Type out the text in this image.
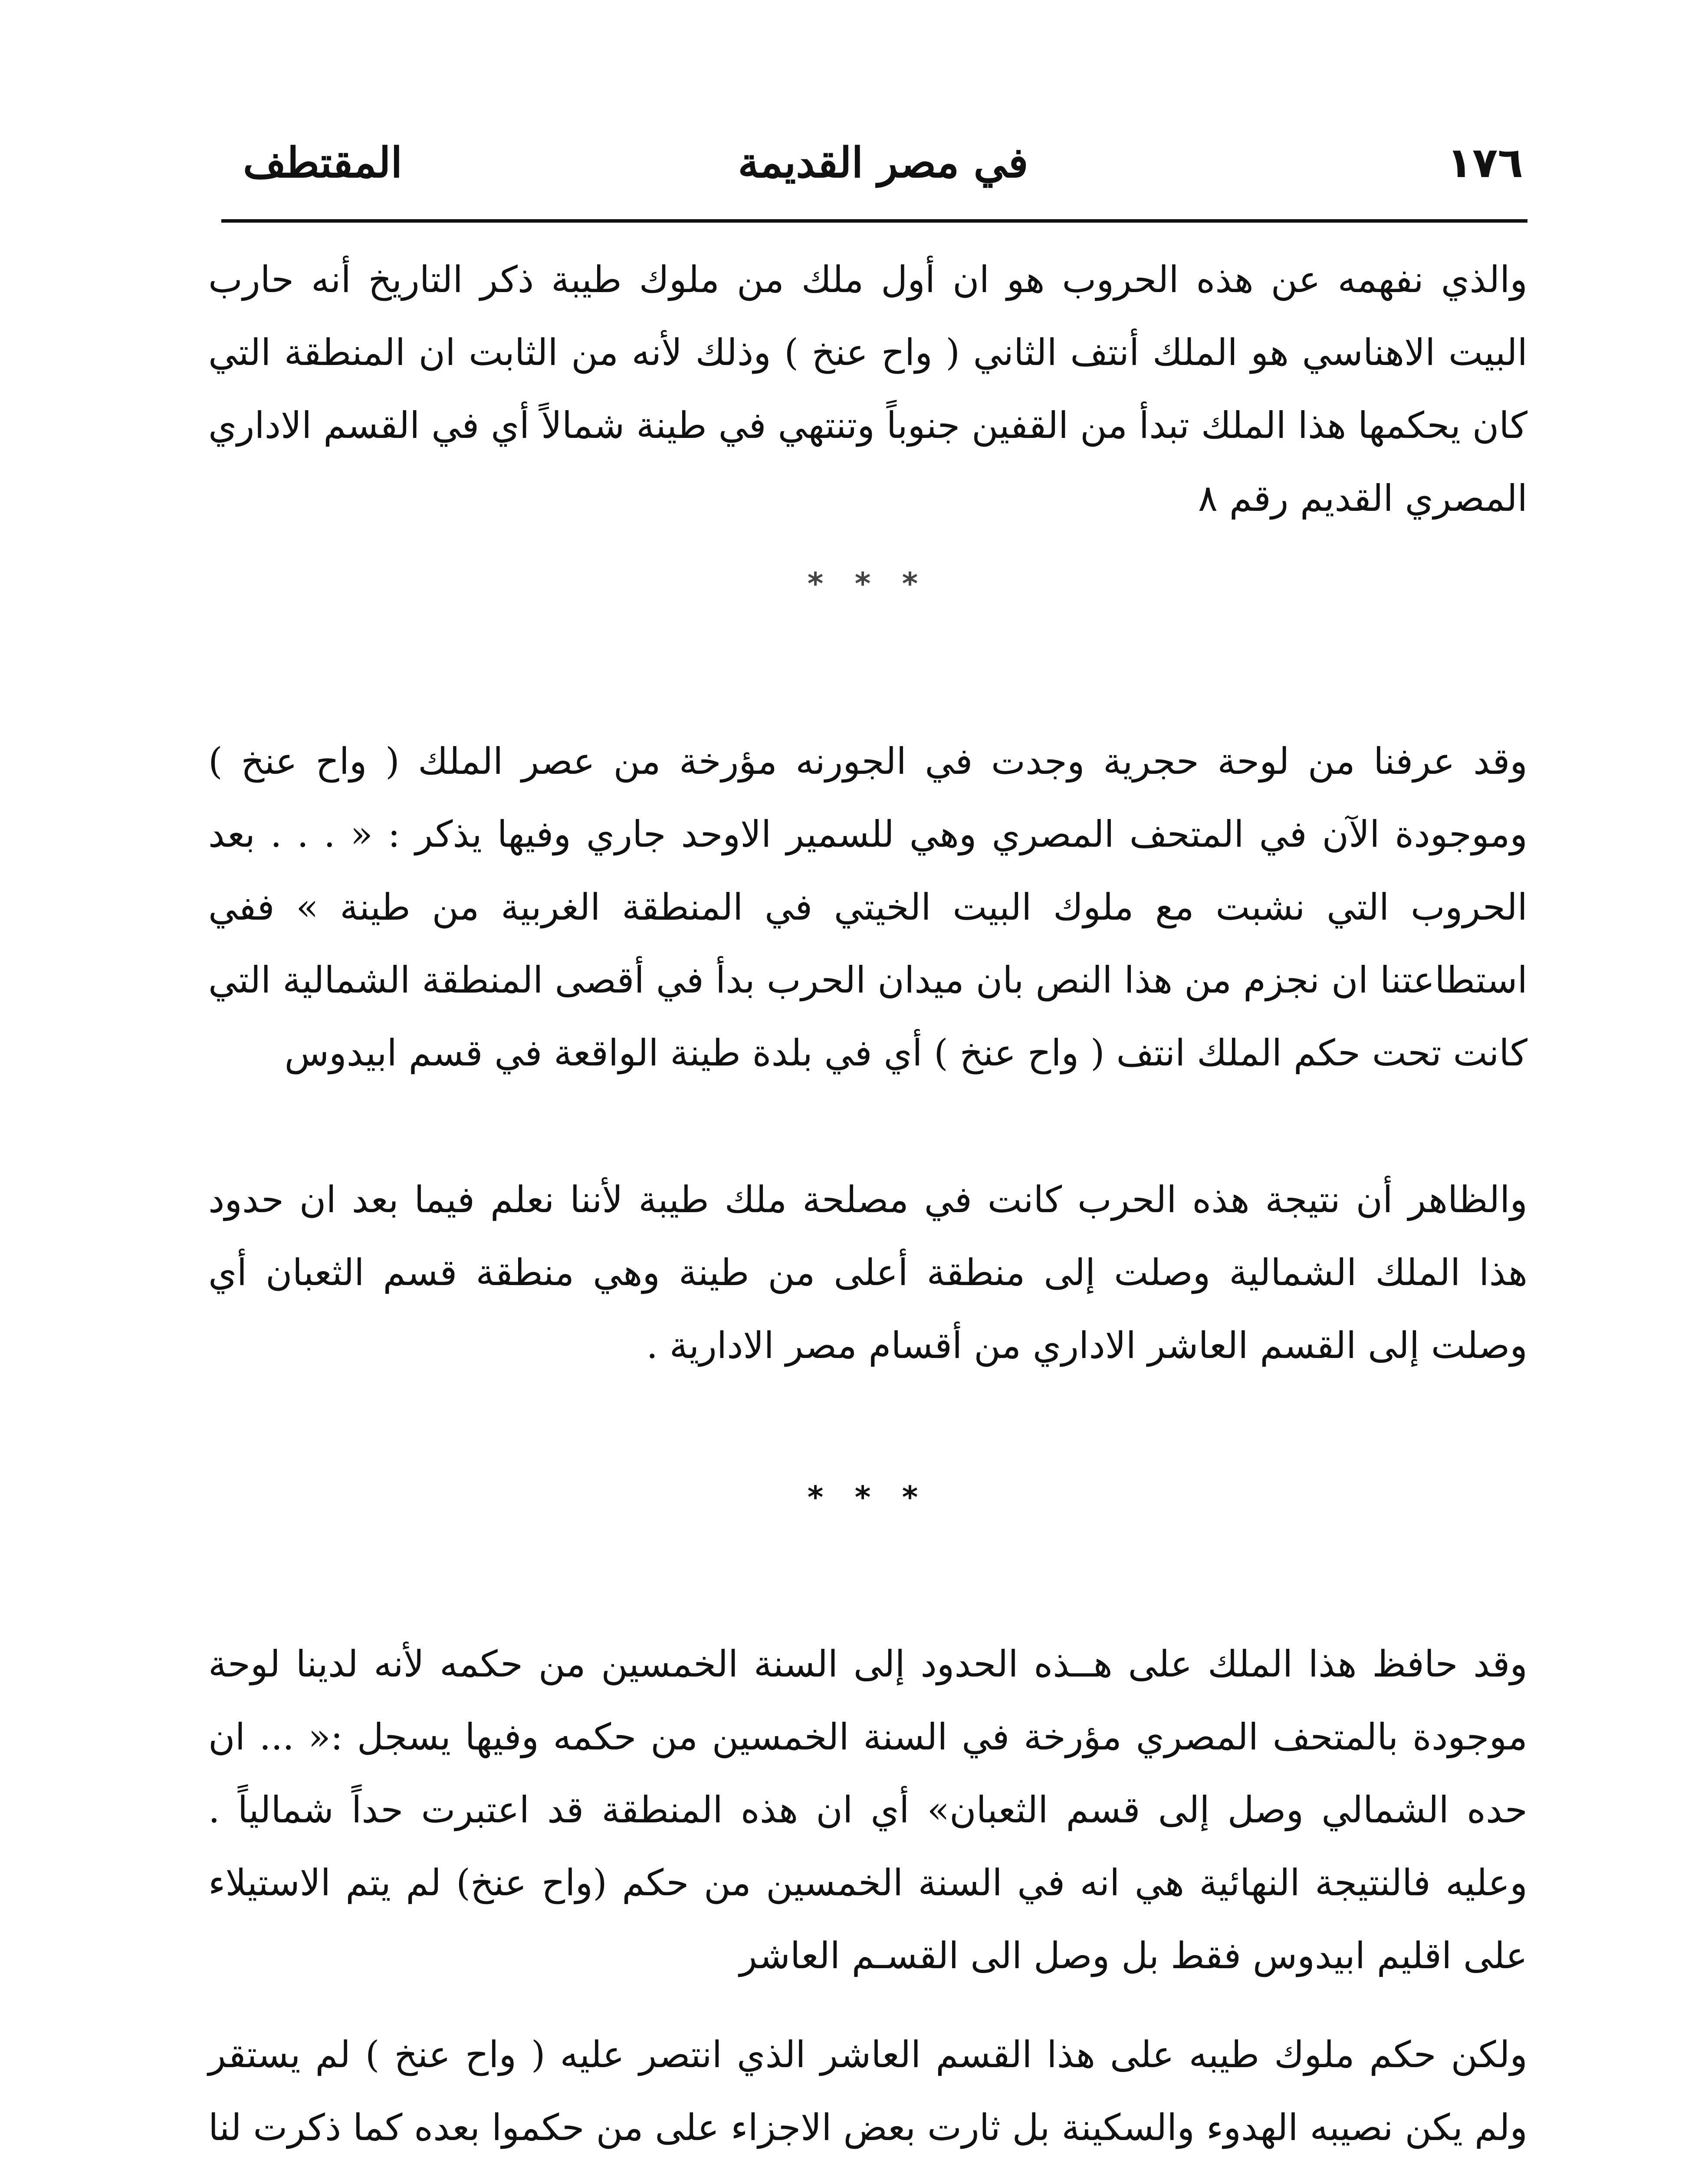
١٧٦
في مصر القديمة
المقتطف

والذي نفهمه عن هذه الحروب هو ان أول ملك من ملوك طيبة ذكر التاريخ أنه حارب البيت الاهناسي هو الملك أنتف الثاني ( واح عنخ ) وذلك لأنه من الثابت ان المنطقة التي كان يحكمها هذا الملك تبدأ من القفين جنوباً وتنتهي في طينة شمالاً أي في القسم الاداري المصري القديم رقم ٨

* * *

وقد عرفنا من لوحة حجرية وجدت في الجورنه مؤرخة من عصر الملك ( واح عنخ ) وموجودة الآن في المتحف المصري وهي للسمير الاوحد جاري وفيها يذكر : « . . . بعد الحروب التي نشبت مع ملوك البيت الخيتي في المنطقة الغربية من طينة » ففي استطاعتنا ان نجزم من هذا النص بان ميدان الحرب بدأ في أقصى المنطقة الشمالية التي كانت تحت حكم الملك انتف ( واح عنخ ) أي في بلدة طينة الواقعة في قسم ابيدوس

والظاهر أن نتيجة هذه الحرب كانت في مصلحة ملك طيبة لأننا نعلم فيما بعد ان حدود هذا الملك الشمالية وصلت إلى منطقة أعلى من طينة وهي منطقة قسم الثعبان أي وصلت إلى القسم العاشر الاداري من أقسام مصر الادارية .

* * *

وقد حافظ هذا الملك على هــذه الحدود إلى السنة الخمسين من حكمه لأنه لدينا لوحة موجودة بالمتحف المصري مؤرخة في السنة الخمسين من حكمه وفيها يسجل :« ... ان حده الشمالي وصل إلى قسم الثعبان» أي ان هذه المنطقة قد اعتبرت حداً شمالياً . وعليه فالنتيجة النهائية هي انه في السنة الخمسين من حكم (واح عنخ) لم يتم الاستيلاء على اقليم ابيدوس فقط بل وصل الى القسـم العاشر

ولكن حكم ملوك طيبه على هذا القسم العاشر الذي انتصر عليه ( واح عنخ ) لم يستقر ولم يكن نصيبه الهدوء والسكينة بل ثارت بعض الاجزاء على من حكموا بعده كما ذكرت لنا
